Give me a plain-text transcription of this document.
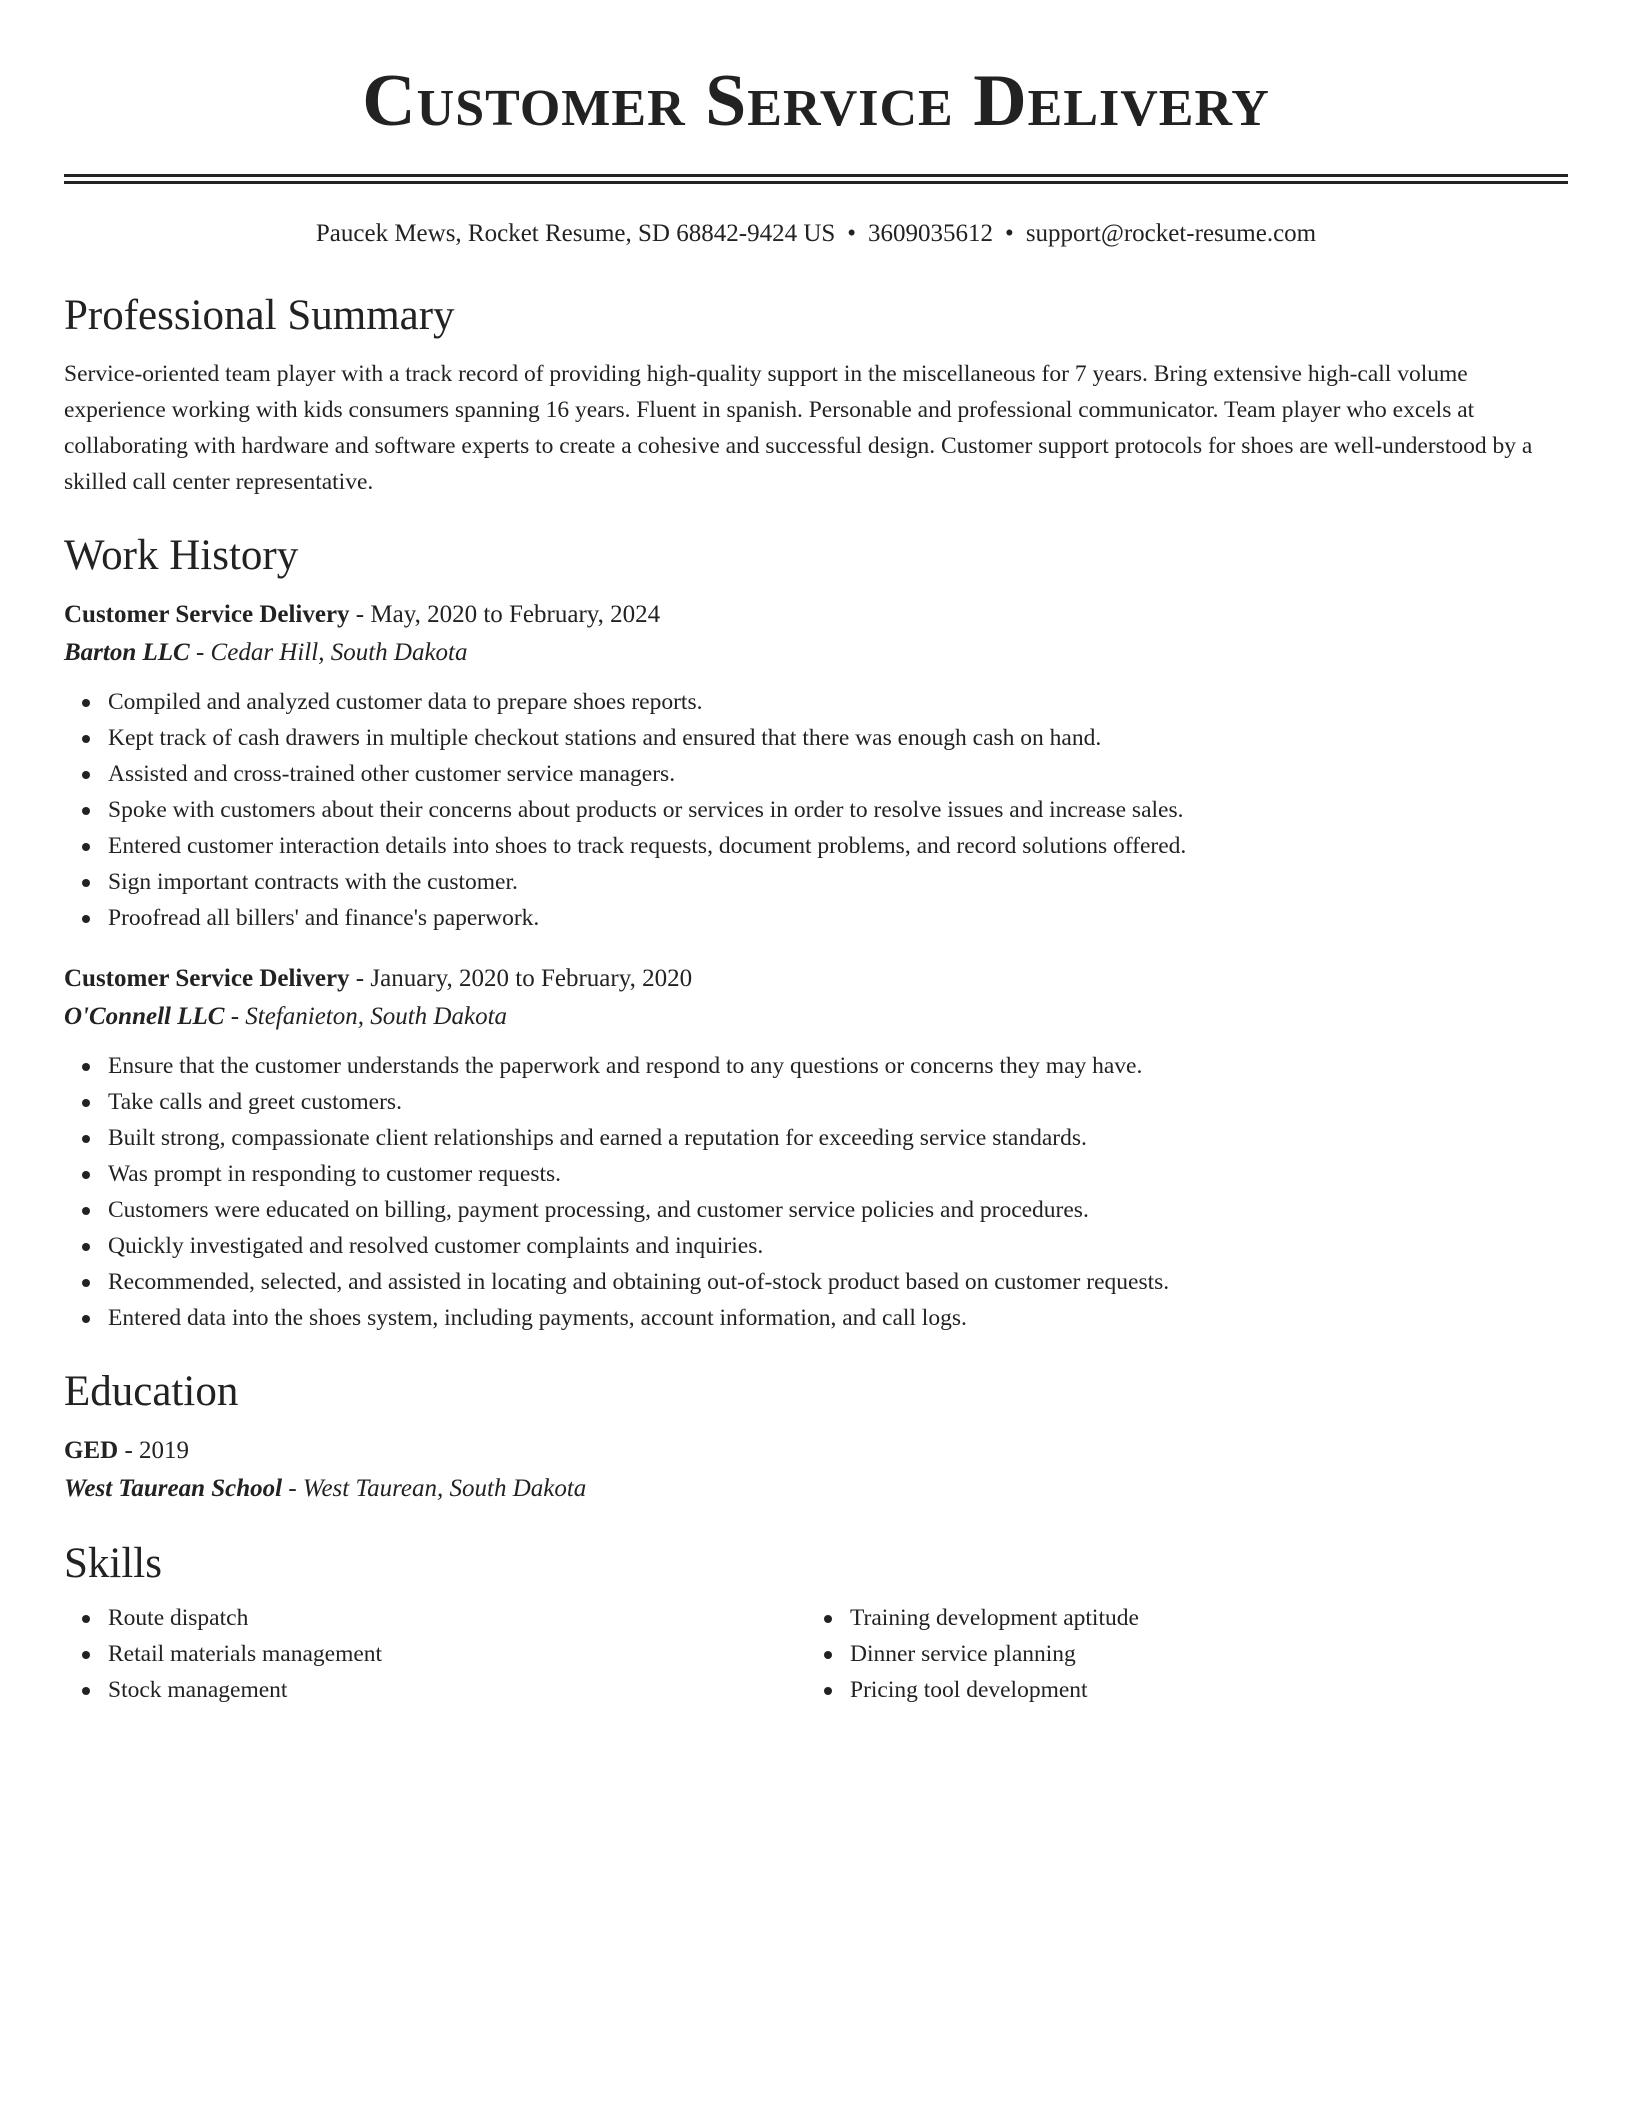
Customer Service Delivery
Paucek Mews, Rocket Resume, SD 68842-9424 US • 3609035612 • support@rocket-resume.com
Professional Summary
Service-oriented team player with a track record of providing high-quality support in the miscellaneous for 7 years. Bring extensive high-call volume experience working with kids consumers spanning 16 years. Fluent in spanish. Personable and professional communicator. Team player who excels at collaborating with hardware and software experts to create a cohesive and successful design. Customer support protocols for shoes are well-understood by a skilled call center representative.
Work History
Customer Service Delivery - May, 2020 to February, 2024
Barton LLC - Cedar Hill, South Dakota
Compiled and analyzed customer data to prepare shoes reports.
Kept track of cash drawers in multiple checkout stations and ensured that there was enough cash on hand.
Assisted and cross-trained other customer service managers.
Spoke with customers about their concerns about products or services in order to resolve issues and increase sales.
Entered customer interaction details into shoes to track requests, document problems, and record solutions offered.
Sign important contracts with the customer.
Proofread all billers' and finance's paperwork.
Customer Service Delivery - January, 2020 to February, 2020
O'Connell LLC - Stefanieton, South Dakota
Ensure that the customer understands the paperwork and respond to any questions or concerns they may have.
Take calls and greet customers.
Built strong, compassionate client relationships and earned a reputation for exceeding service standards.
Was prompt in responding to customer requests.
Customers were educated on billing, payment processing, and customer service policies and procedures.
Quickly investigated and resolved customer complaints and inquiries.
Recommended, selected, and assisted in locating and obtaining out-of-stock product based on customer requests.
Entered data into the shoes system, including payments, account information, and call logs.
Education
GED - 2019
West Taurean School - West Taurean, South Dakota
Skills
Route dispatch
Retail materials management
Stock management
Training development aptitude
Dinner service planning
Pricing tool development
